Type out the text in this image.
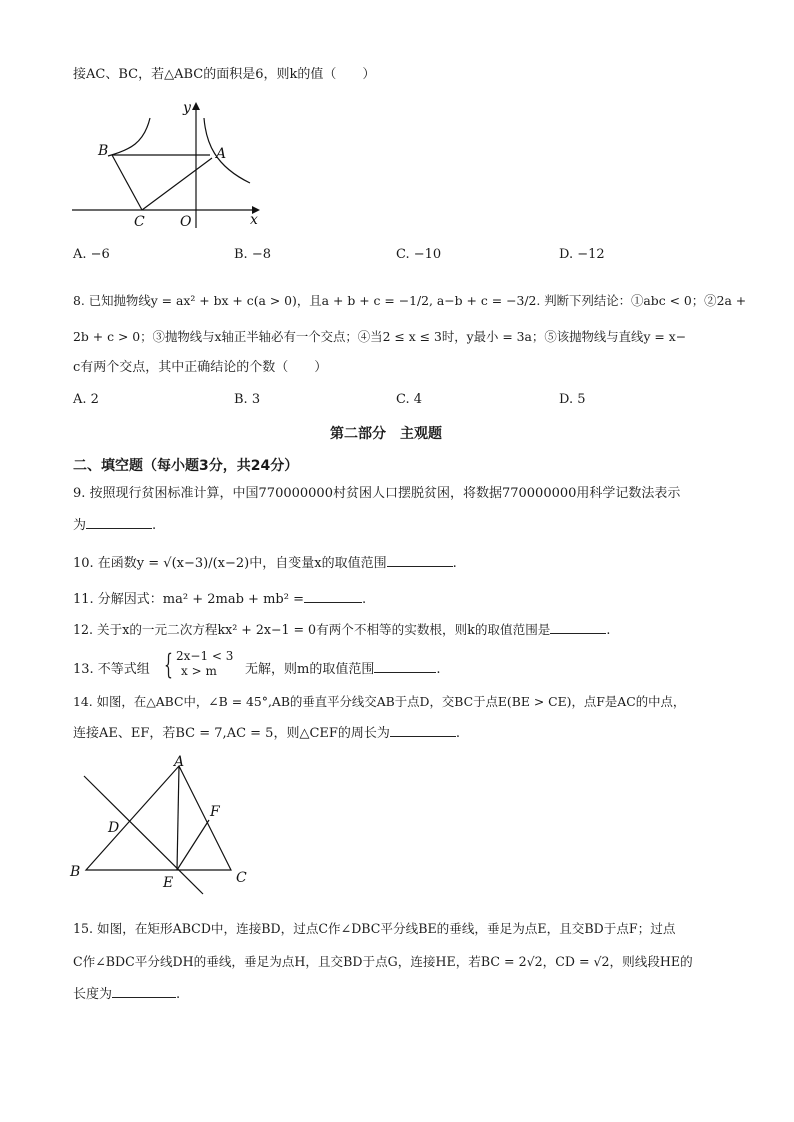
接AC、BC，若△ABC的面积是6，则k的值（　　）
B	A
C	O	x
y
A. −6	B. −8	C. −10	D. −12
8. 已知抛物线y = ax² + bx + c(a > 0)，且a + b + c = −1/2, a−b + c = −3/2. 判断下列结论：①abc < 0；②2a +
2b + c > 0；③抛物线与x轴正半轴必有一个交点；④当2 ≤ x ≤ 3时，y最小 = 3a；⑤该抛物线与直线y = x−
c有两个交点，其中正确结论的个数（　　）
A. 2	B. 3	C. 4	D. 5
第二部分　主观题
二、填空题（每小题3分，共24分）
9. 按照现行贫困标准计算，中国770000000村贫困人口摆脱贫困，将数据770000000用科学记数法表示
为	.
10. 在函数y = √(x−3)/(x−2)中，自变量x的取值范围	.
11. 分解因式：ma² + 2mab + mb² =	.
12. 关于x的一元二次方程kx² + 2x−1 = 0有两个不相等的实数根，则k的取值范围是	.
13. 不等式组 { 2x−1 < 3
x > m 无解，则m的取值范围	.
14. 如图，在△ABC中，∠B = 45°,AB的垂直平分线交AB于点D，交BC于点E(BE > CE)，点F是AC的中点，
连接AE、EF，若BC = 7,AC = 5，则△CEF的周长为	.
A
B	C
D
E
F
15. 如图，在矩形ABCD中，连接BD，过点C作∠DBC平分线BE的垂线，垂足为点E，且交BD于点F；过点
C作∠BDC平分线DH的垂线，垂足为点H，且交BD于点G，连接HE，若BC = 2√2，CD = √2，则线段HE的
长度为	.
